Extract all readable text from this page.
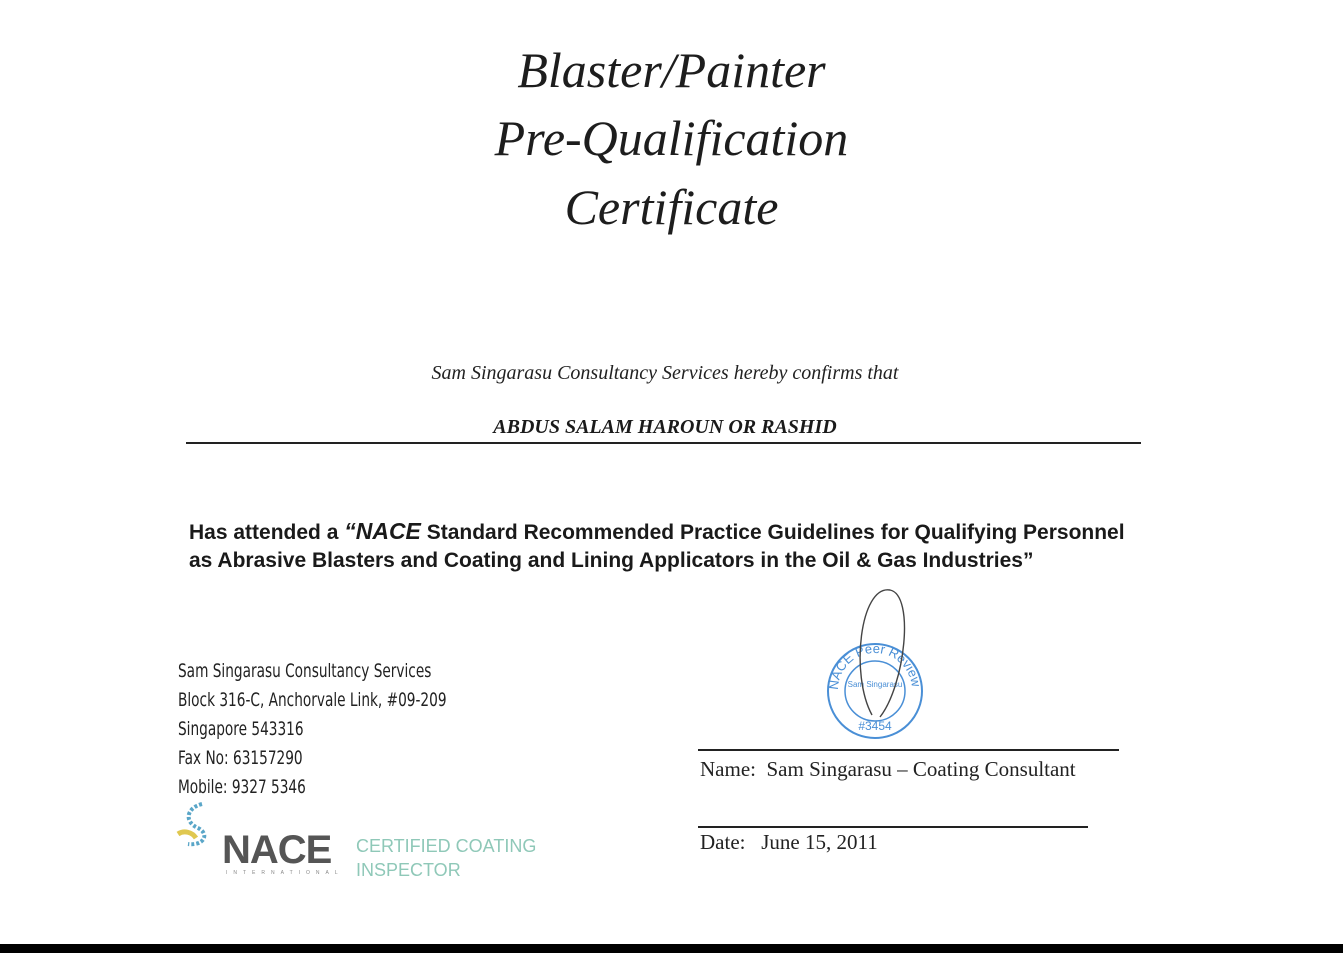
Blaster/Painter
Pre-Qualification
Certificate
Sam Singarasu Consultancy Services hereby confirms that
ABDUS SALAM HAROUN OR RASHID
Has attended a “NACE Standard Recommended Practice Guidelines for Qualifying Personnel as Abrasive Blasters and Coating and Lining Applicators in the Oil & Gas Industries”
Sam Singarasu Consultancy Services
Block 316-C, Anchorvale Link, #09-209
Singapore 543316
Fax No: 63157290
Mobile: 9327 5346
NACE
INTERNATIONAL
CERTIFIED COATING
INSPECTOR
NACE Peer Review
Sam Singarasu
#3454
Name: Sam Singarasu – Coating Consultant
Date: June 15, 2011
